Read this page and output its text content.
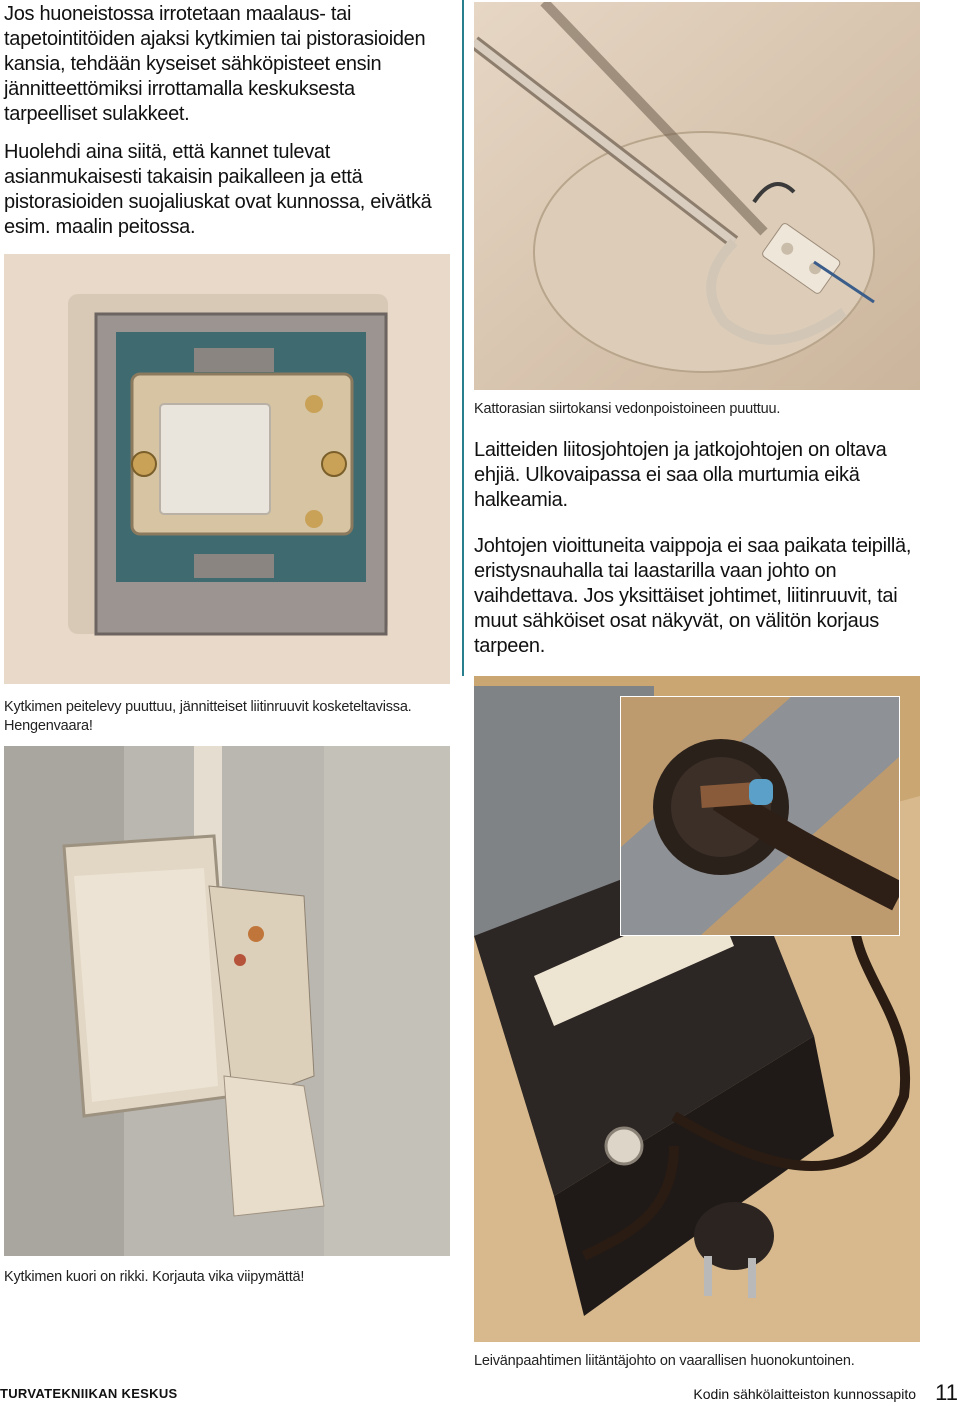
Jos huoneistossa irrotetaan maalaus- tai tapetointitöiden ajaksi kytkimien tai pistorasioiden kansia, tehdään kyseiset sähköpisteet ensin jännitteettömiksi irrottamalla keskuksesta tarpeelliset sulakkeet.

Huolehdi aina siitä, että kannet tulevat asianmukaisesti takaisin paikalleen ja että pistorasioiden suojaliuskat ovat kunnossa, eivätkä esim. maalin peitossa.

Kattorasian siirtokansi vedonpoistoineen puuttuu.

Kytkimen peitelevy puuttuu, jännitteiset liitinruuvit kosketeltavissa. Hengenvaara!

Laitteiden liitosjohtojen ja jatkojohtojen on oltava ehjiä. Ulkovaipassa ei saa olla murtumia eikä halkeamia.

Johtojen vioittuneita vaippoja ei saa paikata teipillä, eristysnauhalla tai laastarilla vaan johto on vaihdettava. Jos yksittäiset johtimet, liitinruuvit, tai muut sähköiset osat näkyvät, on välitön korjaus tarpeen.

Kytkimen kuori on rikki. Korjauta vika viipymättä!

Leivänpaahtimen liitäntäjohto on vaarallisen huonokuntoinen.

TURVATEKNIIKAN KESKUS	Kodin sähkölaitteiston kunnossapito 11
